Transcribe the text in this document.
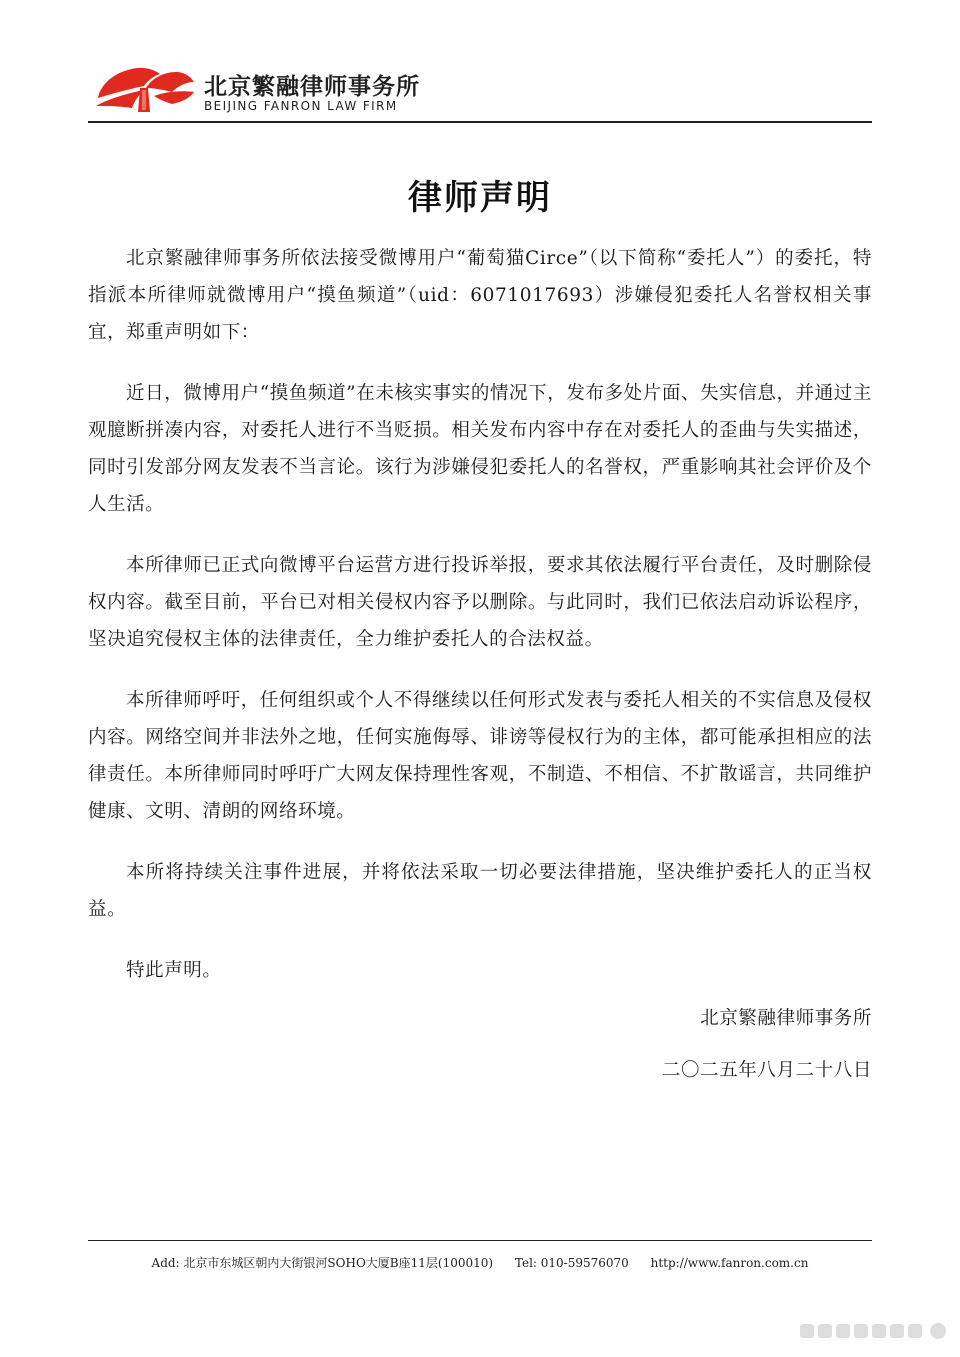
北京繁融律师事务所
BEIJING FANRON LAW FIRM
律师声明

北京繁融律师事务所依法接受微博用户“葡萄猫Circe”（以下简称“委托人”）的委托，特指派本所律师就微博用户“摸鱼频道”（uid：6071017693）涉嫌侵犯委托人名誉权相关事宜，郑重声明如下：

近日，微博用户“摸鱼频道”在未核实事实的情况下，发布多处片面、失实信息，并通过主观臆断拼凑内容，对委托人进行不当贬损。相关发布内容中存在对委托人的歪曲与失实描述，同时引发部分网友发表不当言论。该行为涉嫌侵犯委托人的名誉权，严重影响其社会评价及个人生活。

本所律师已正式向微博平台运营方进行投诉举报，要求其依法履行平台责任，及时删除侵权内容。截至目前，平台已对相关侵权内容予以删除。与此同时，我们已依法启动诉讼程序，坚决追究侵权主体的法律责任，全力维护委托人的合法权益。

本所律师呼吁，任何组织或个人不得继续以任何形式发表与委托人相关的不实信息及侵权内容。网络空间并非法外之地，任何实施侮辱、诽谤等侵权行为的主体，都可能承担相应的法律责任。本所律师同时呼吁广大网友保持理性客观，不制造、不相信、不扩散谣言，共同维护健康、文明、清朗的网络环境。

本所将持续关注事件进展，并将依法采取一切必要法律措施，坚决维护委托人的正当权益。

特此声明。

北京繁融律师事务所
二〇二五年八月二十八日
Add: 北京市东城区朝内大街银河SOHO大厦B座11层(100010) Tel: 010-59576070 http://www.fanron.com.cn
